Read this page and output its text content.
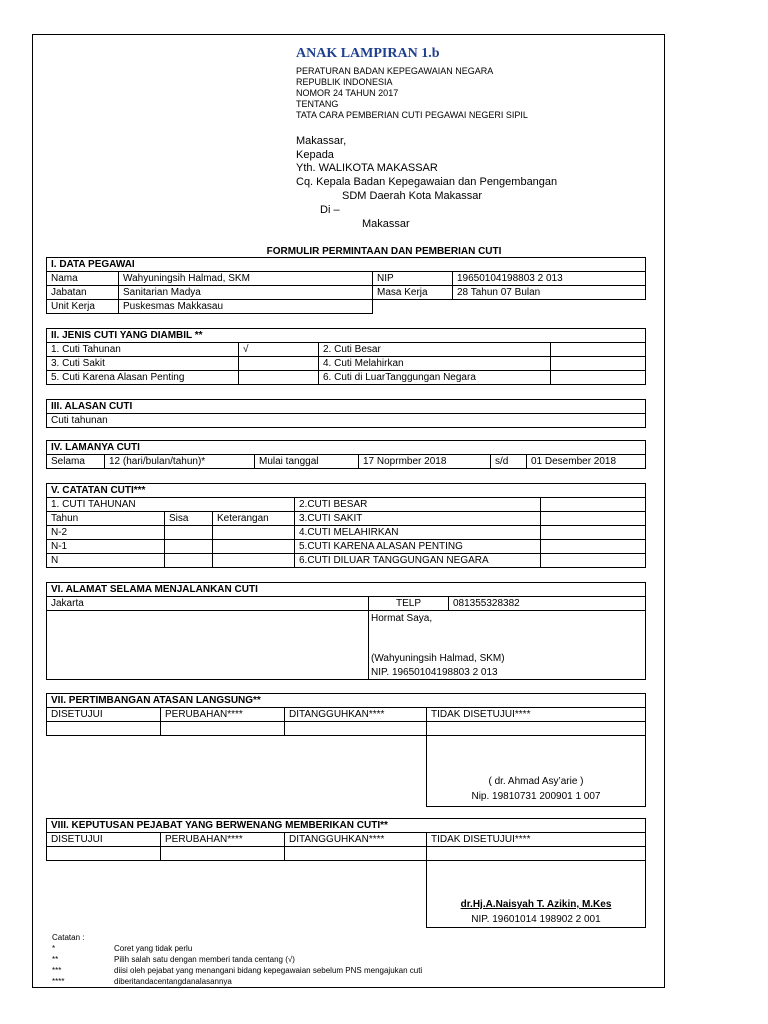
ANAK LAMPIRAN 1.b
PERATURAN BADAN KEPEGAWAIAN NEGARA
REPUBLIK INDONESIA
NOMOR 24 TAHUN 2017
TENTANG
TATA CARA PEMBERIAN CUTI PEGAWAI NEGERI SIPIL
Makassar,
Kepada
Yth. WALIKOTA MAKASSAR
Cq. Kepala Badan Kepegawaian dan Pengembangan
SDM Daerah Kota Makassar
Di –
Makassar
FORMULIR PERMINTAAN DAN PEMBERIAN CUTI
I. DATA PEGAWAI			
Nama	Wahyuningsih Halmad, SKM	NIP	19650104198803 2 013
Jabatan	Sanitarian Madya	Masa Kerja	28 Tahun 07 Bulan
Unit Kerja	Puskesmas Makkasau		
II. JENIS CUTI YANG DIAMBIL **			
1. Cuti Tahunan	√	2. Cuti Besar	
3. Cuti Sakit		4. Cuti Melahirkan	
5. Cuti Karena Alasan Penting		6. Cuti di LuarTanggungan Negara	
III. ALASAN CUTI
Cuti tahunan
IV. LAMANYA CUTI
Selama	12 (hari/bulan/tahun)*	Mulai tanggal	17 Noprmber 2018	s/d	01 Desember 2018
V. CATATAN CUTI***				
1. CUTI TAHUNAN			2.CUTI BESAR	
Tahun	Sisa	Keterangan	3.CUTI SAKIT	
N-2			4.CUTI MELAHIRKAN	
N-1			5.CUTI KARENA ALASAN PENTING	
N			6.CUTI DILUAR TANGGUNGAN NEGARA	
VI. ALAMAT SELAMA MENJALANKAN CUTI		
Jakarta	TELP	081355328382

	Hormat Saya,
(Wahyuningsih Halmad, SKM)
NIP. 19650104198803 2 013	
VII. PERTIMBANGAN ATASAN LANGSUNG**			
DISETUJUI	PERUBAHAN****	DITANGGUHKAN****	TIDAK DISETUJUI****

			( dr. Ahmad Asy’arie )
Nip. 19810731 200901 1 007
VIII. KEPUTUSAN PEJABAT YANG BERWENANG MEMBERIKAN CUTI**			
DISETUJUI	PERUBAHAN****	DITANGGUHKAN****	TIDAK DISETUJUI****

			dr.Hj.A.Naisyah T. Azikin, M.Kes
NIP. 19601014 198902 2 001
Catatan :
*	Coret yang tidak perlu
**	Pilih salah satu dengan memberi tanda centang (√)
***	diisi oleh pejabat yang menangani bidang kepegawaian sebelum PNS mengajukan cuti
****	diberitandacentangdanalasannya
